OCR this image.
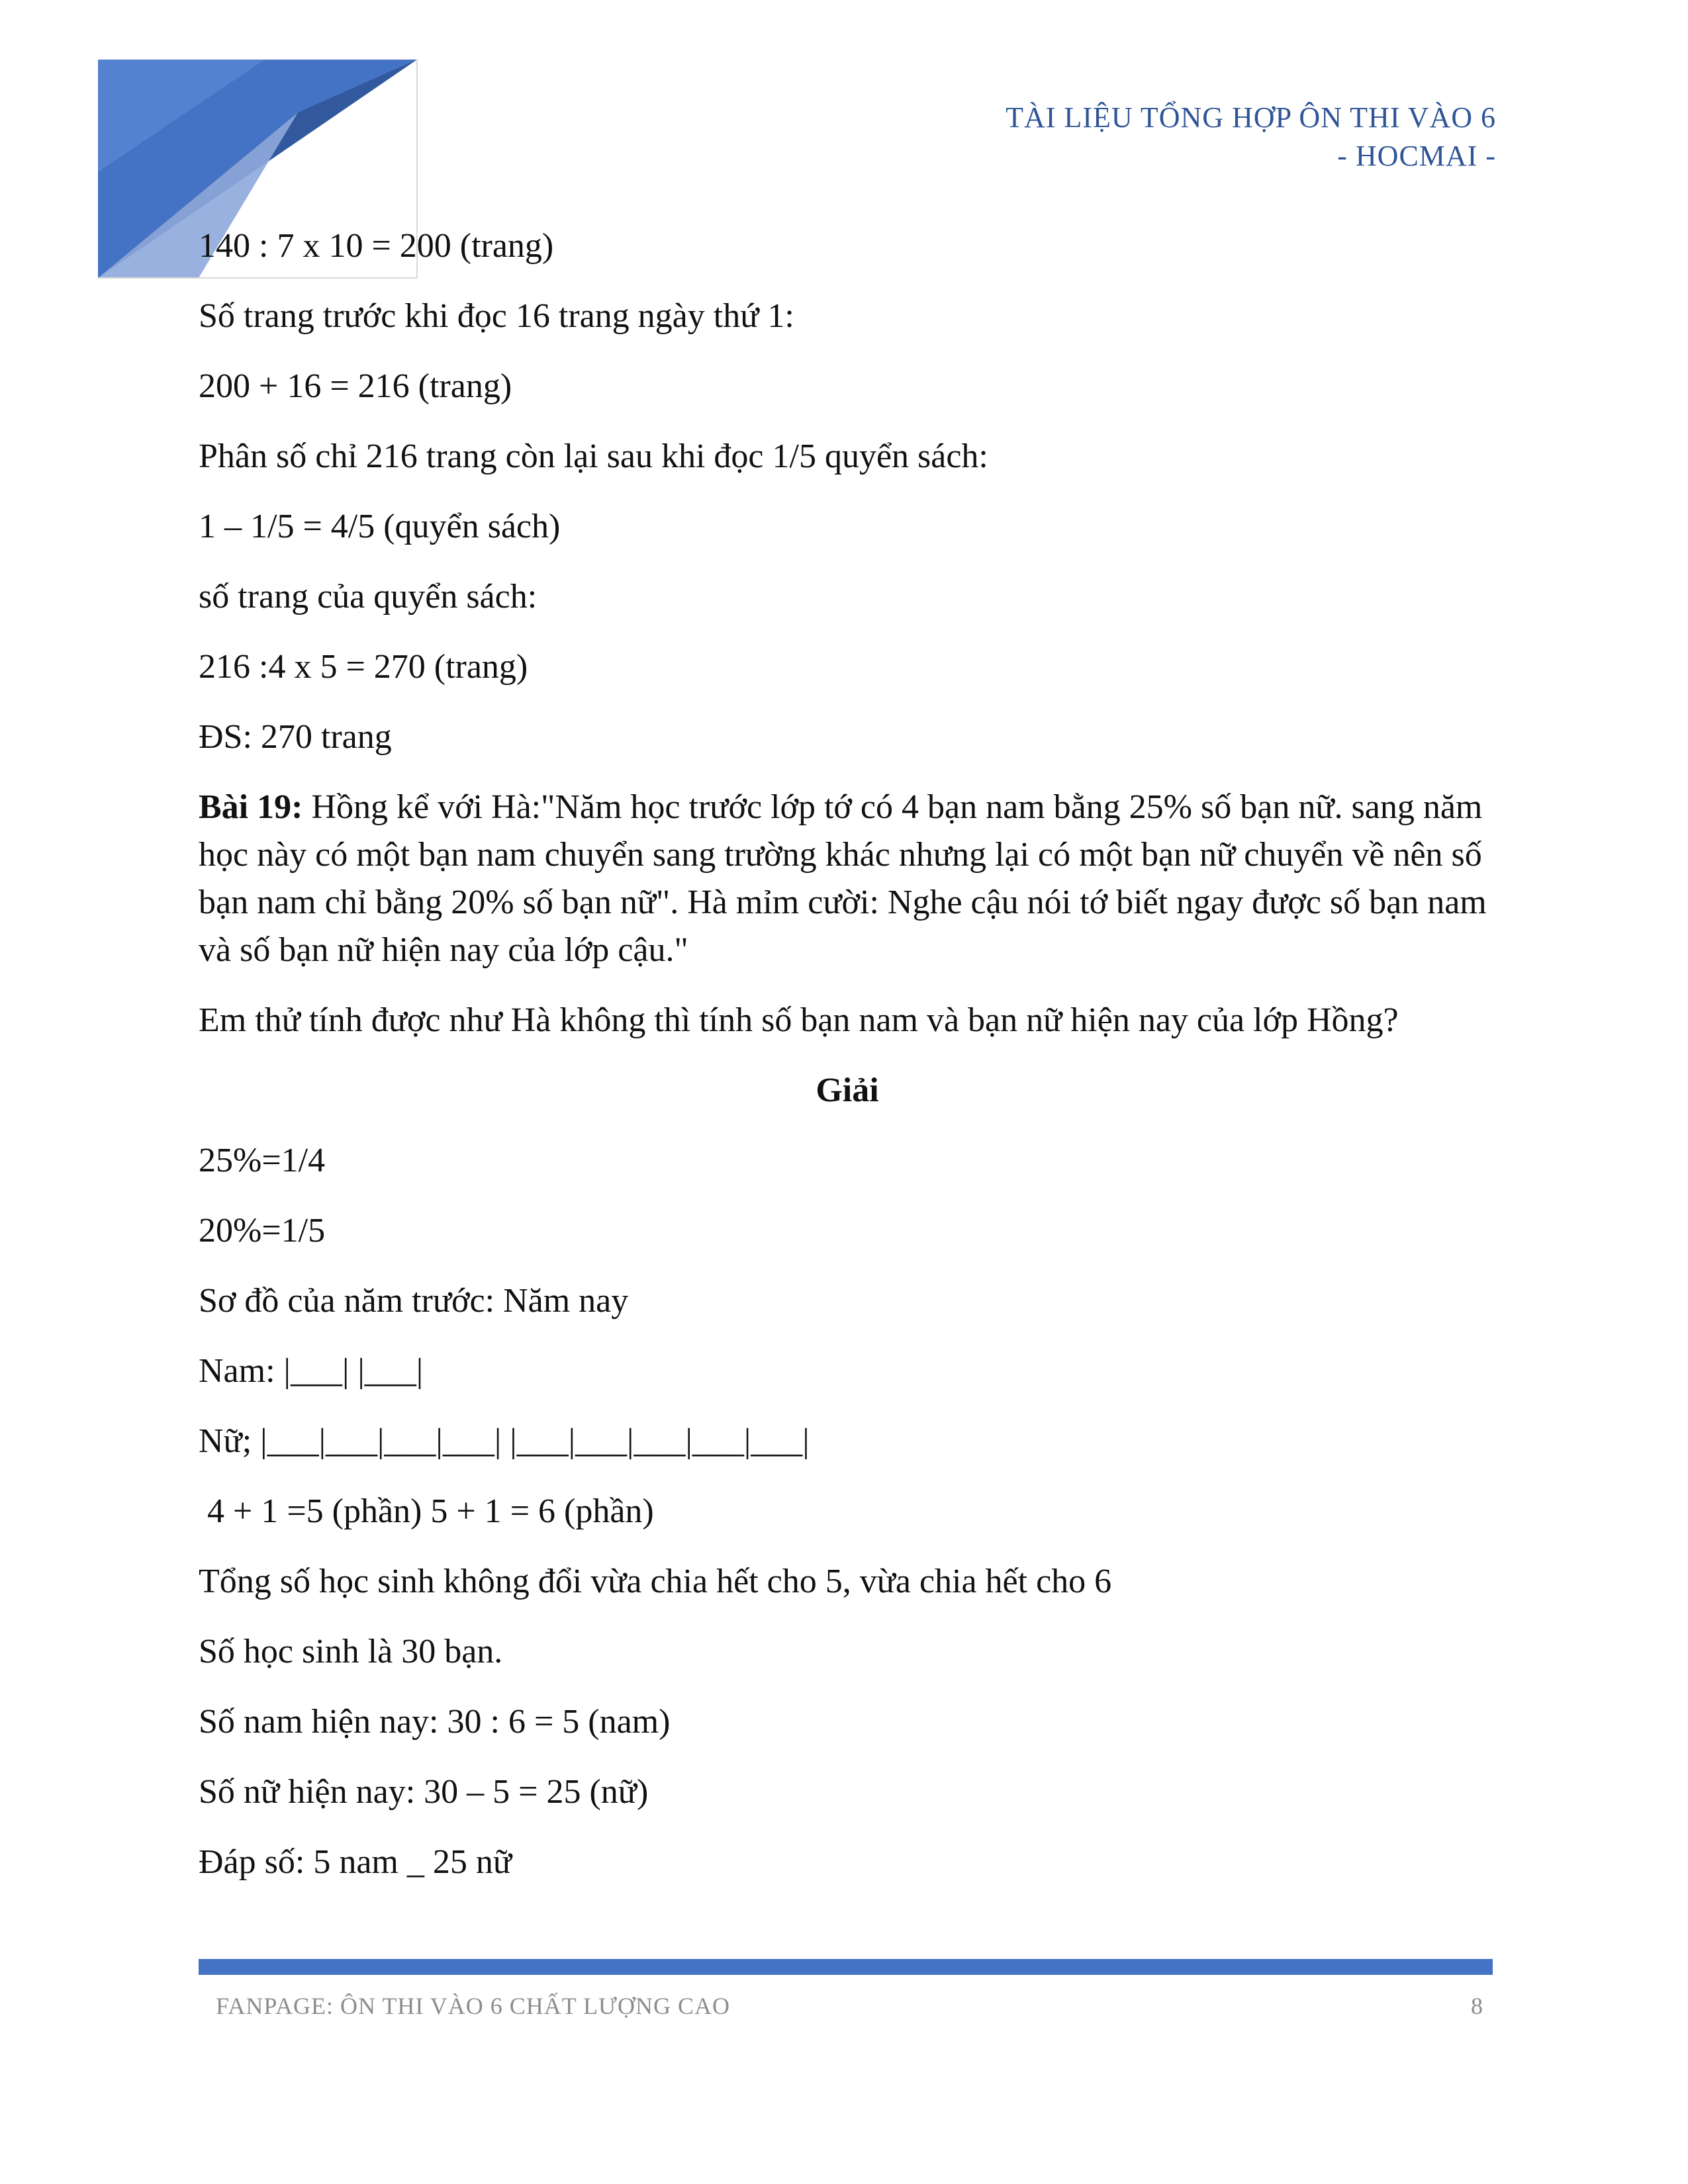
TÀI LIỆU TỔNG HỢP ÔN THI VÀO 6
- HOCMAI -
140 : 7 x 10 = 200 (trang)
Số trang trước khi đọc 16 trang ngày thứ 1:
200 + 16 = 216 (trang)
Phân số chỉ 216 trang còn lại sau khi đọc 1/5 quyển sách:
1 – 1/5 = 4/5 (quyển sách)
số trang của quyển sách:
216 :4 x 5 = 270 (trang)
ĐS: 270 trang
Bài 19: Hồng kể với Hà:"Năm học trước lớp tớ có 4 bạn nam bằng 25% số bạn nữ. sang năm học này có một bạn nam chuyển sang trường khác nhưng lại có một bạn nữ chuyển về nên số bạn nam chỉ bằng 20% số bạn nữ". Hà mỉm cười: Nghe cậu nói tớ biết ngay được số bạn nam và số bạn nữ hiện nay của lớp cậu."
Em thử tính được như Hà không thì tính số bạn nam và bạn nữ hiện nay của lớp Hồng?
Giải
25%=1/4
20%=1/5
Sơ đồ của năm trước: Năm nay
Nam: |___| |___|
Nữ; |___|___|___|___| |___|___|___|___|___|
4 + 1 =5 (phần) 5 + 1 = 6 (phần)
Tổng số học sinh không đổi vừa chia hết cho 5, vừa chia hết cho 6
Số học sinh là 30 bạn.
Số nam hiện nay: 30 : 6 = 5 (nam)
Số nữ hiện nay: 30 – 5 = 25 (nữ)
Đáp số: 5 nam _ 25 nữ
FANPAGE: ÔN THI VÀO 6 CHẤT LƯỢNG CAO	8
